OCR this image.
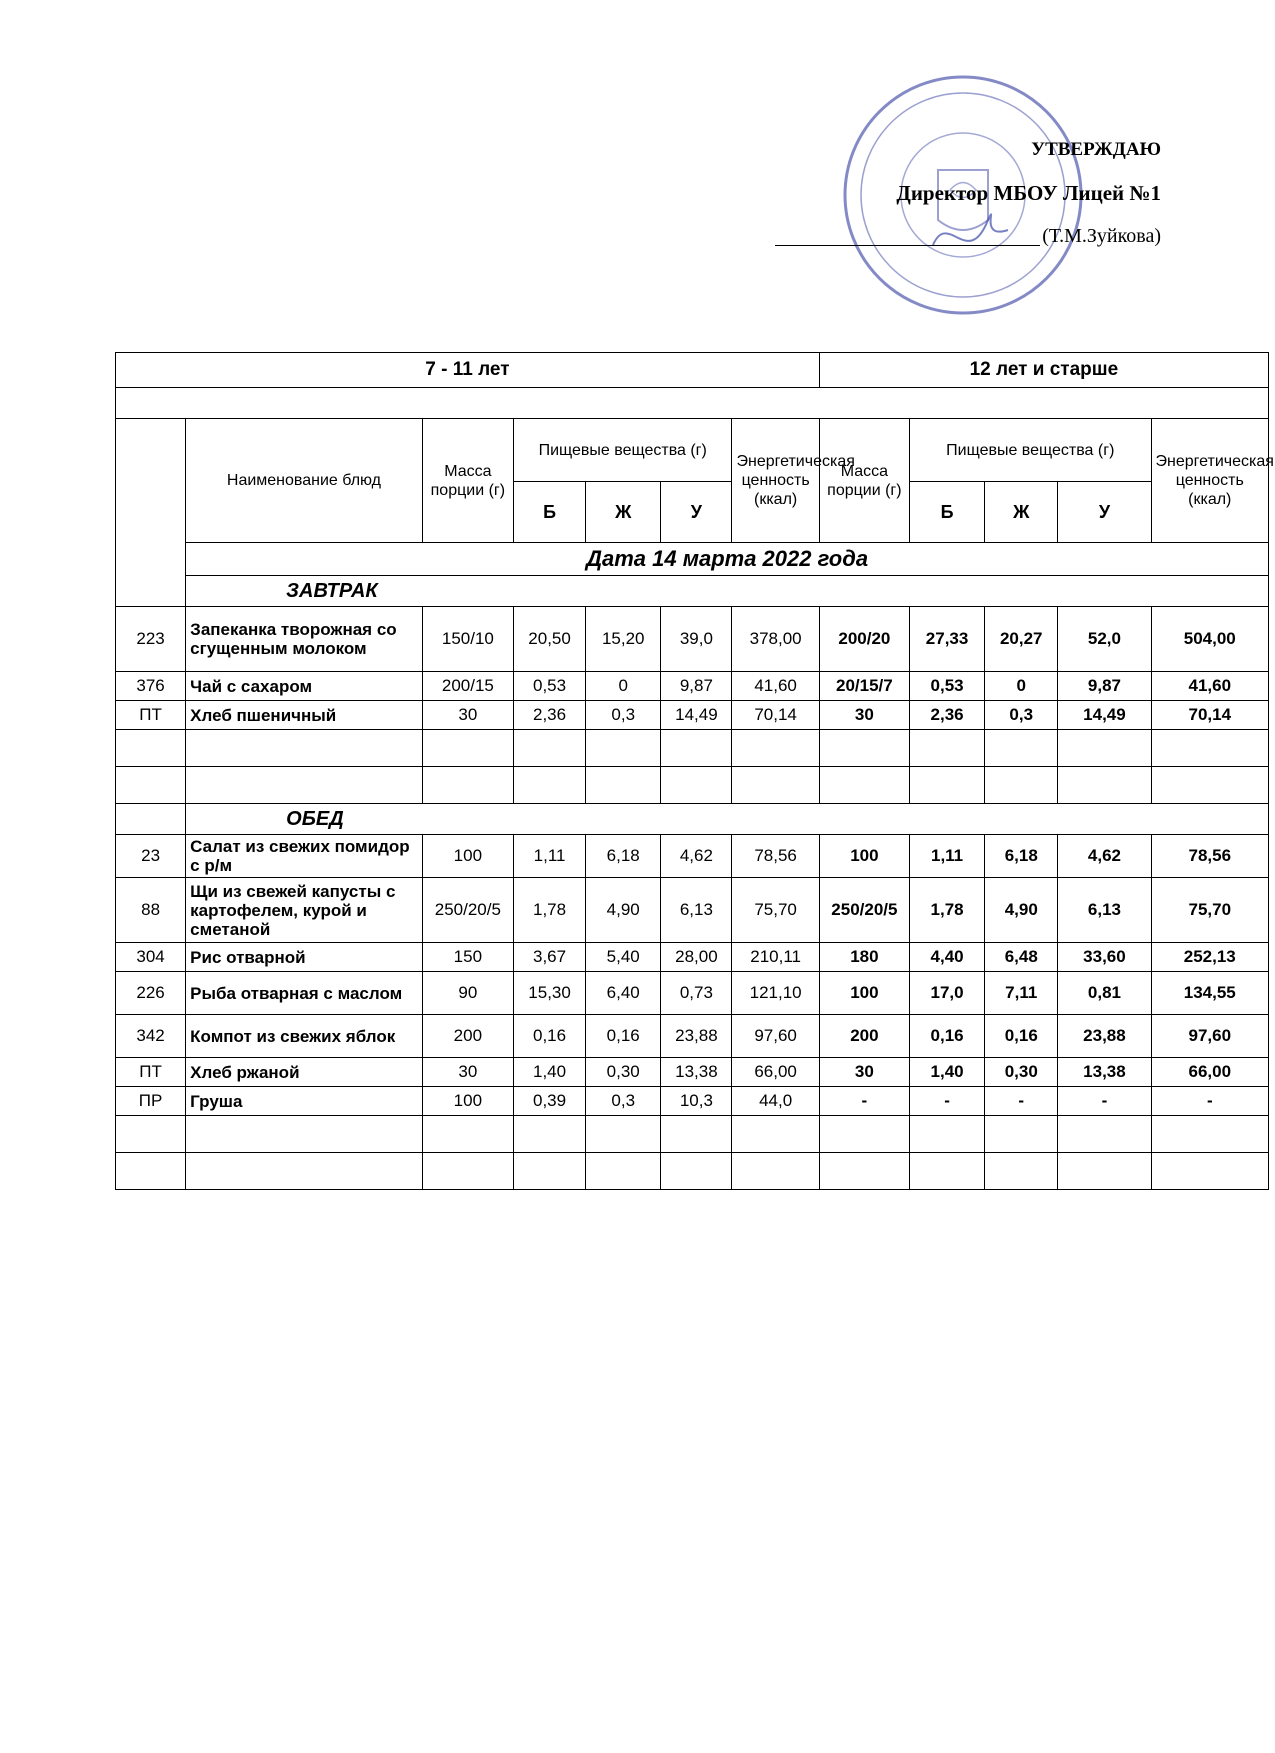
УТВЕРЖДАЮ
Директор МБОУ Лицей №1
(Т.М.Зуйкова)
7 - 11 лет							12 лет и старше				

	Наименование блюд	Масса порции (г)	Пищевые вещества (г)			Энергетическая ценность (ккал)	Масса порции (г)	Пищевые вещества (г)			Энергетическая ценность (ккал)
			Б	Ж	У			Б	Ж	У	
	Дата 14 марта 2022 года										
	ЗАВТРАК										
223	Запеканка творожная со сгущенным молоком	150/10	20,50	15,20	39,0	378,00	200/20	27,33	20,27	52,0	504,00
376	Чай с сахаром	200/15	0,53	0	9,87	41,60	20/15/7	0,53	0	9,87	41,60
ПТ	Хлеб пшеничный	30	2,36	0,3	14,49	70,14	30	2,36	0,3	14,49	70,14

	ОБЕД										
23	Салат из свежих помидор с р/м	100	1,11	6,18	4,62	78,56	100	1,11	6,18	4,62	78,56
88	Щи из свежей капусты с картофелем, курой и сметаной	250/20/5	1,78	4,90	6,13	75,70	250/20/5	1,78	4,90	6,13	75,70
304	Рис отварной	150	3,67	5,40	28,00	210,11	180	4,40	6,48	33,60	252,13
226	Рыба отварная с маслом	90	15,30	6,40	0,73	121,10	100	17,0	7,11	0,81	134,55
342	Компот из свежих яблок	200	0,16	0,16	23,88	97,60	200	0,16	0,16	23,88	97,60
ПТ	Хлеб ржаной	30	1,40	0,30	13,38	66,00	30	1,40	0,30	13,38	66,00
ПР	Груша	100	0,39	0,3	10,3	44,0	-	-	-	-	-
